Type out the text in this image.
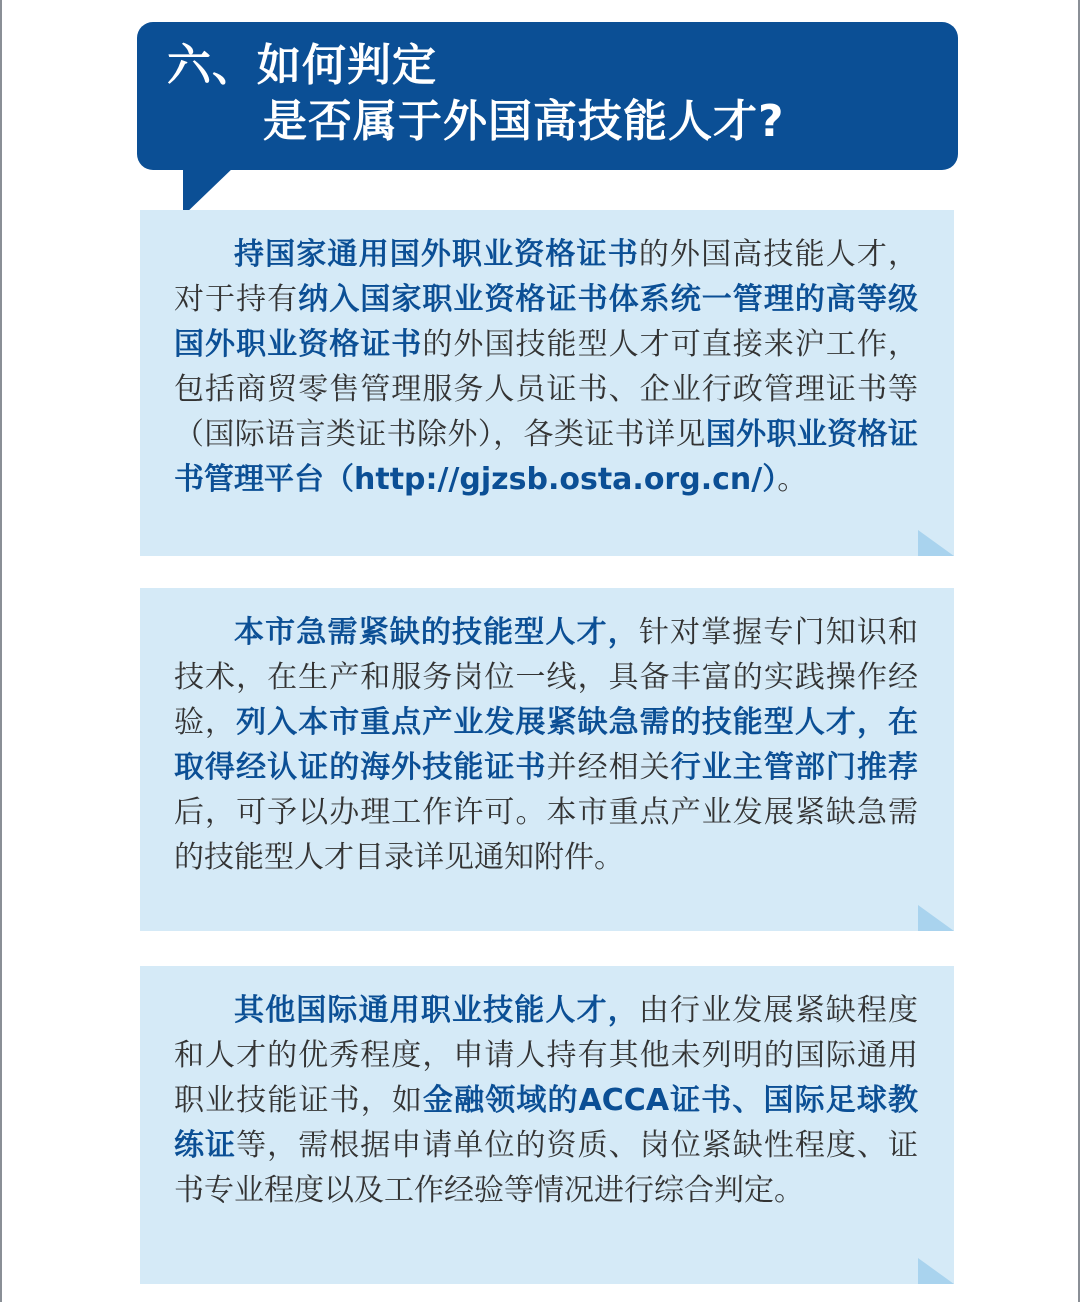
六、如何判定
是否属于外国高技能人才?

持国家通用国外职业资格证书的外国高技能人才，对于持有纳入国家职业资格证书体系统一管理的高等级国外职业资格证书的外国技能型人才可直接来沪工作，包括商贸零售管理服务人员证书、企业行政管理证书等（国际语言类证书除外），各类证书详见国外职业资格证书管理平台（http://gjzsb.osta.org.cn/）。

本市急需紧缺的技能型人才，针对掌握专门知识和技术，在生产和服务岗位一线，具备丰富的实践操作经验，列入本市重点产业发展紧缺急需的技能型人才，在取得经认证的海外技能证书并经相关行业主管部门推荐后，可予以办理工作许可。本市重点产业发展紧缺急需的技能型人才目录详见通知附件。

其他国际通用职业技能人才，由行业发展紧缺程度和人才的优秀程度，申请人持有其他未列明的国际通用职业技能证书，如金融领域的ACCA证书、国际足球教练证等，需根据申请单位的资质、岗位紧缺性程度、证书专业程度以及工作经验等情况进行综合判定。
